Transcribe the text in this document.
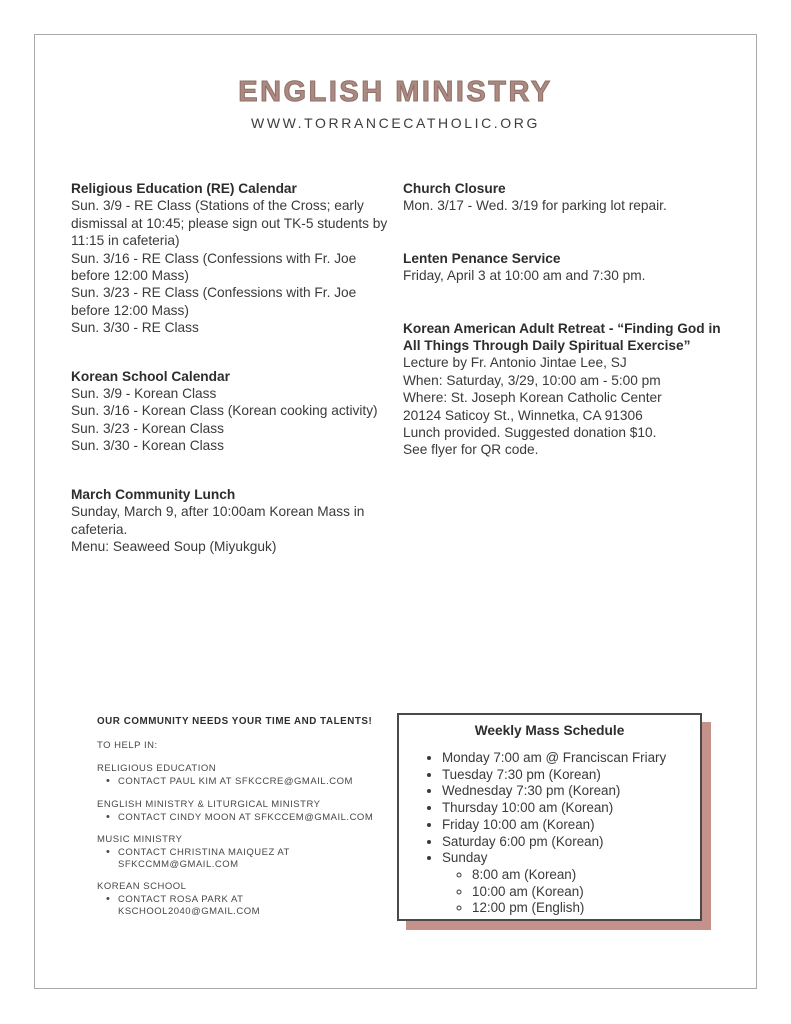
ENGLISH MINISTRY
WWW.TORRANCECATHOLIC.ORG
Religious Education (RE) Calendar
Sun. 3/9 - RE Class (Stations of the Cross; early
dismissal at 10:45; please sign out TK-5 students by
11:15 in cafeteria)
Sun. 3/16 - RE Class (Confessions with Fr. Joe
before 12:00 Mass)
Sun. 3/23 - RE Class (Confessions with Fr. Joe
before 12:00 Mass)
Sun. 3/30 - RE Class
Korean School Calendar
Sun. 3/9 - Korean Class
Sun. 3/16 - Korean Class (Korean cooking activity)
Sun. 3/23 - Korean Class
Sun. 3/30 - Korean Class
March Community Lunch
Sunday, March 9, after 10:00am Korean Mass in
cafeteria.
Menu: Seaweed Soup (Miyukguk)
Church Closure
Mon. 3/17 - Wed. 3/19 for parking lot repair.
Lenten Penance Service
Friday, April 3 at 10:00 am and 7:30 pm.
Korean American Adult Retreat - “Finding God in
All Things Through Daily Spiritual Exercise”
Lecture by Fr. Antonio Jintae Lee, SJ
When: Saturday, 3/29, 10:00 am - 5:00 pm
Where: St. Joseph Korean Catholic Center
20124 Saticoy St., Winnetka, CA 91306
Lunch provided. Suggested donation $10.
See flyer for QR code.
OUR COMMUNITY NEEDS YOUR TIME AND TALENTS!
TO HELP IN:
RELIGIOUS EDUCATION
• CONTACT PAUL KIM AT SFKCCRE@GMAIL.COM
ENGLISH MINISTRY & LITURGICAL MINISTRY
• CONTACT CINDY MOON AT SFKCCEM@GMAIL.COM
MUSIC MINISTRY
• CONTACT CHRISTINA MAIQUEZ AT
SFKCCMM@GMAIL.COM
KOREAN SCHOOL
• CONTACT ROSA PARK AT
KSCHOOL2040@GMAIL.COM
Weekly Mass Schedule
• Monday 7:00 am @ Franciscan Friary
• Tuesday 7:30 pm (Korean)
• Wednesday 7:30 pm (Korean)
• Thursday 10:00 am (Korean)
• Friday 10:00 am (Korean)
• Saturday 6:00 pm (Korean)
• Sunday
◦ 8:00 am (Korean)
◦ 10:00 am (Korean)
◦ 12:00 pm (English)
